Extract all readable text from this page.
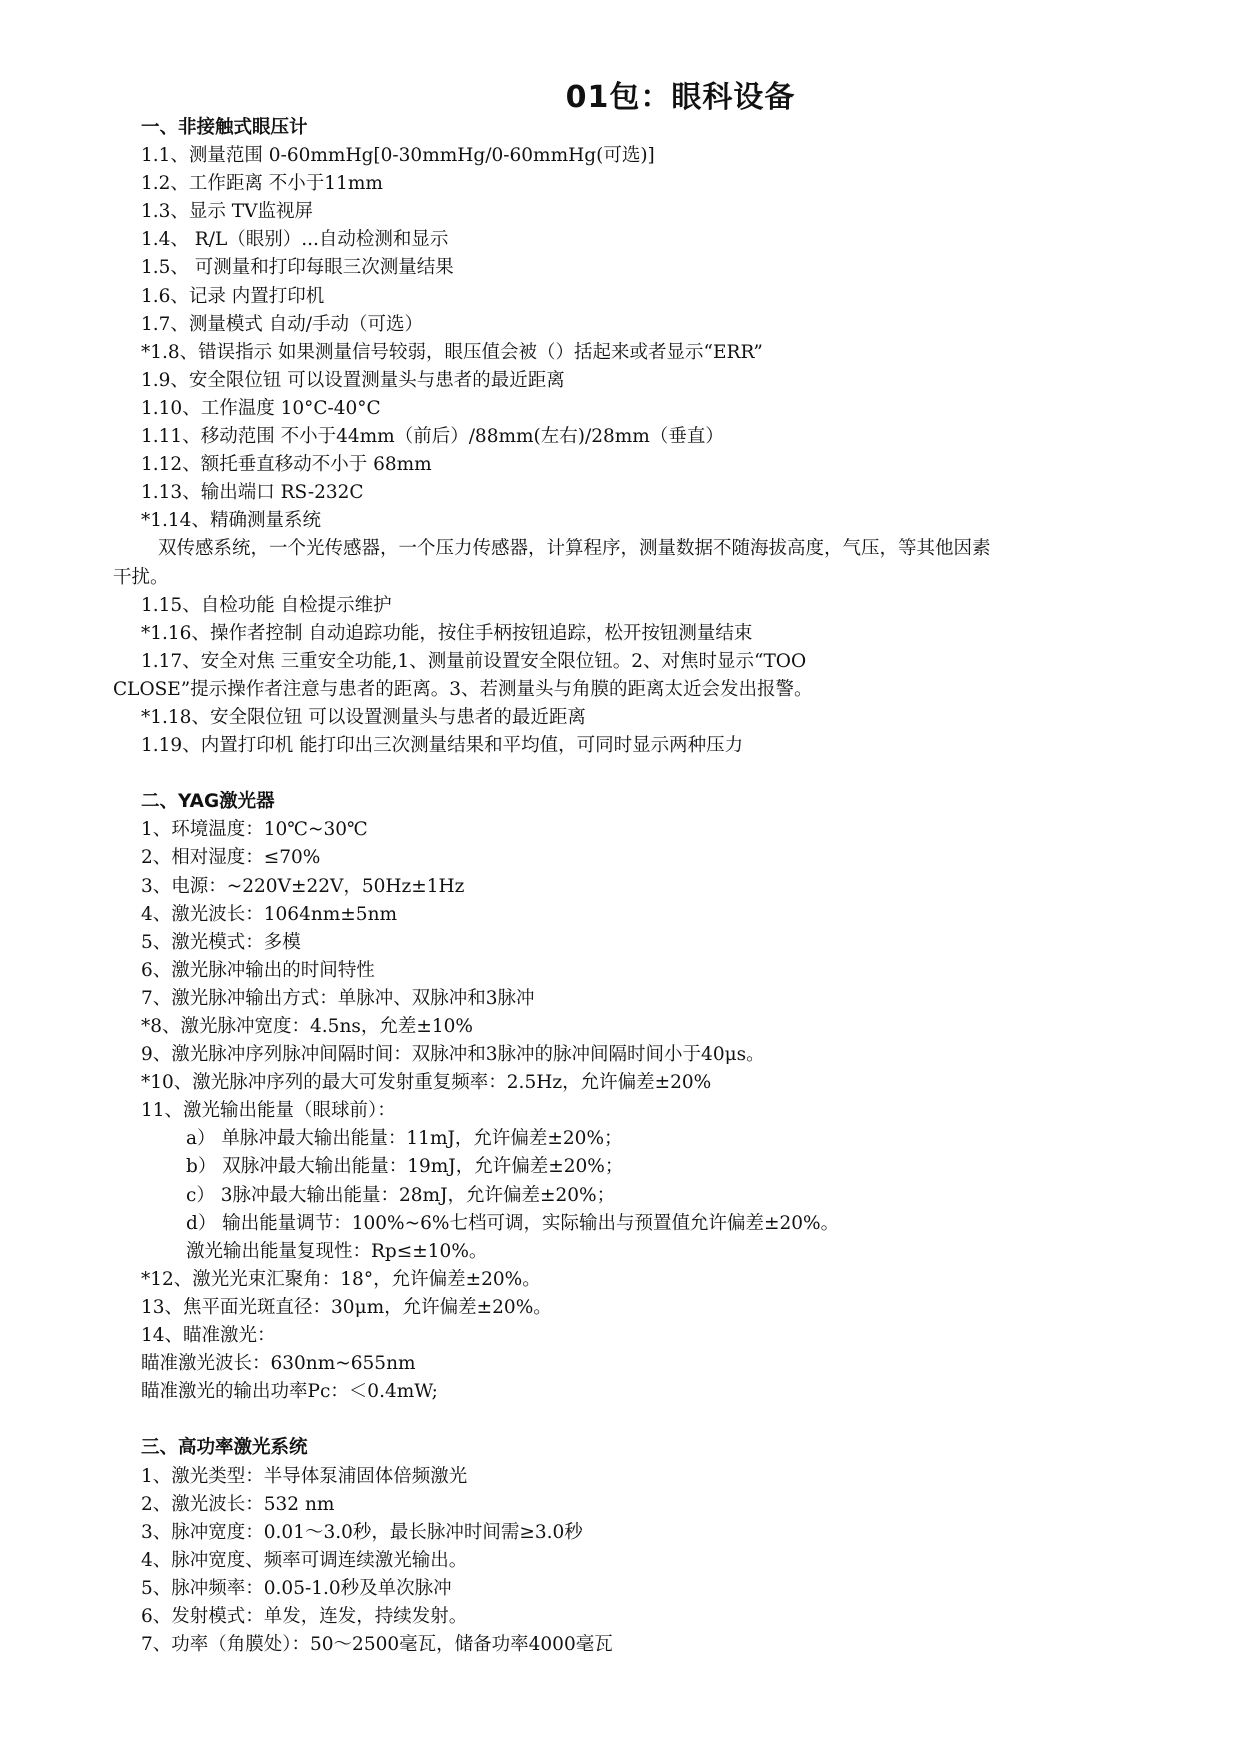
01包：眼科设备
一、非接触式眼压计
1.1、测量范围 0-60mmHg[0-30mmHg/0-60mmHg(可选)]
1.2、工作距离 不小于11mm
1.3、显示 TV监视屏
1.4、 R/L（眼别）...自动检测和显示
1.5、 可测量和打印每眼三次测量结果
1.6、记录 内置打印机
1.7、测量模式 自动/手动（可选）
*1.8、错误指示 如果测量信号较弱，眼压值会被（）括起来或者显示“ERR”
1.9、安全限位钮 可以设置测量头与患者的最近距离
1.10、工作温度 10°C-40°C
1.11、移动范围 不小于44mm（前后）/88mm(左右)/28mm（垂直）
1.12、额托垂直移动不小于 68mm
1.13、输出端口 RS-232C
*1.14、精确测量系统
双传感系统，一个光传感器，一个压力传感器，计算程序，测量数据不随海拔高度，气压，等其他因素
干扰。
1.15、自检功能 自检提示维护
*1.16、操作者控制 自动追踪功能，按住手柄按钮追踪，松开按钮测量结束
1.17、安全对焦 三重安全功能,1、测量前设置安全限位钮。2、对焦时显示“TOO
CLOSE”提示操作者注意与患者的距离。3、若测量头与角膜的距离太近会发出报警。
*1.18、安全限位钮 可以设置测量头与患者的最近距离
1.19、内置打印机 能打印出三次测量结果和平均值，可同时显示两种压力
二、YAG激光器
1、环境温度：10℃~30℃
2、相对湿度：≤70%
3、电源：~220V±22V，50Hz±1Hz
4、激光波长：1064nm±5nm
5、激光模式：多模
6、激光脉冲输出的时间特性
7、激光脉冲输出方式：单脉冲、双脉冲和3脉冲
*8、激光脉冲宽度：4.5ns，允差±10%
9、激光脉冲序列脉冲间隔时间：双脉冲和3脉冲的脉冲间隔时间小于40μs。
*10、激光脉冲序列的最大可发射重复频率：2.5Hz，允许偏差±20%
11、激光输出能量（眼球前）：
a） 单脉冲最大输出能量：11mJ，允许偏差±20%；
b） 双脉冲最大输出能量：19mJ，允许偏差±20%；
c） 3脉冲最大输出能量：28mJ，允许偏差±20%；
d） 输出能量调节：100%~6%七档可调，实际输出与预置值允许偏差±20%。
激光输出能量复现性：Rp≤±10%。
*12、激光光束汇聚角：18°，允许偏差±20%。
13、焦平面光斑直径：30μm，允许偏差±20%。
14、瞄准激光：
瞄准激光波长：630nm~655nm
瞄准激光的输出功率Pc：＜0.4mW;
三、高功率激光系统
1、激光类型：半导体泵浦固体倍频激光
2、激光波长：532 nm
3、脉冲宽度：0.01～3.0秒，最长脉冲时间需≥3.0秒
4、脉冲宽度、频率可调连续激光输出。
5、脉冲频率：0.05-1.0秒及单次脉冲
6、发射模式：单发，连发，持续发射。
7、功率（角膜处）：50～2500毫瓦，储备功率4000毫瓦
